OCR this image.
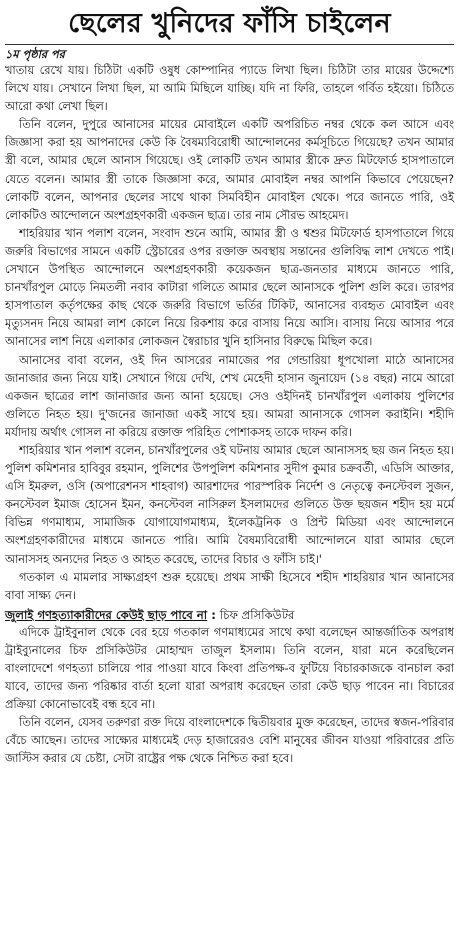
ছেলের খুনিদের ফাঁসি চাইলেন

১ম পৃষ্ঠার পর

খাতায় রেখে যায়। চিঠিটা একটি ওষুধ কোম্পানির প্যাডে লিখা ছিল। চিঠিটা তার মায়ের উদ্দেশ্যে লিখে যায়। সেখানে লিখা ছিল, মা আমি মিছিলে যাচ্ছি। যদি না ফিরি, তাহলে গর্বিত হইয়ো। চিঠিতে আরো কথা লেখা ছিল।

তিনি বলেন, দুপুরে আনাসের মায়ের মোবাইলে একটি অপরিচিত নম্বর থেকে কল আসে এবং জিজ্ঞাসা করা হয় আপনাদের কেউ কি বৈষম্যবিরোধী আন্দোলনের কর্মসূচিতে গিয়েছে? তখন আমার স্ত্রী বলে, আমার ছেলে আনাস গিয়েছে। ওই লোকটি তখন আমার স্ত্রীকে দ্রুত মিটফোর্ড হাসপাতালে যেতে বলেন। আমার স্ত্রী তাকে জিজ্ঞাসা করে, আমার মোবাইল নম্বর আপনি কিভাবে পেয়েছেন? লোকটি বলেন, আপনার ছেলের সাথে থাকা সিমবিহীন মোবাইল থেকে। পরে জানতে পারি, ওই লোকটিও আন্দোলনে অংশগ্রহণকারী একজন ছাত্র। তার নাম সৌরভ আহমেদ।

শাহরিয়ার খান পলাশ বলেন, সংবাদ শুনে আমি, আমার স্ত্রী ও শ্বশুর মিটফোর্ড হাসপাতালে গিয়ে জরুরি বিভাগের সামনে একটি স্ট্রেচারের ওপর রক্তাক্ত অবস্থায় সন্তানের গুলিবিদ্ধ লাশ দেখতে পাই। সেখানে উপস্থিত আন্দোলনে অংশগ্রহণকারী কয়েকজন ছাত্র-জনতার মাধ্যমে জানতে পারি, চানখাঁরপুল মোড়ে নিমতলী নবাব কাটারা গলিতে আমার ছেলে আনাসকে পুলিশ গুলি করে। তারপর হাসপাতাল কর্তৃপক্ষের কাছ থেকে জরুরি বিভাগে ভর্তির টিকিট, আনাসের ব্যবহৃত মোবাইল এবং মৃত্যুসনদ নিয়ে আমরা লাশ কোলে নিয়ে রিকশায় করে বাসায় নিয়ে আসি। বাসায় নিয়ে আসার পরে আনাসের লাশ নিয়ে এলাকার লোকজন স্বৈরাচার খুনি হাসিনার বিরুদ্ধে মিছিল করে।

আনাসের বাবা বলেন, ওই দিন আসরের নামাজের পর গেন্ডারিয়া ধূপখোলা মাঠে আনাসের জানাজার জন্য নিয়ে যাই। সেখানে গিয়ে দেখি, শেখ মেহেদী হাসান জুনায়েদ (১৪ বছর) নামে আরো একজন ছাত্রের লাশ জানাজার জন্য আনা হয়েছে। সেও ওইদিনই চানখাঁরপুল এলাকায় পুলিশের গুলিতে নিহত হয়। দু'জনের জানাজা একই সাথে হয়। আমরা আনাসকে গোসল করাইনি। শহীদি মর্যাদায় অর্থাৎ গোসল না করিয়ে রক্তাক্ত পরিহিত পোশাকসহ তাকে দাফন করি।

শাহরিয়ার খান পলাশ বলেন, চানখাঁরপুলের ওই ঘটনায় আমার ছেলে আনাসসহ ছয় জন নিহত হয়। পুলিশ কমিশনার হাবিবুর রহমান, পুলিশের উপপুলিশ কমিশনার সুদীপ কুমার চক্রবর্তী, এডিসি আক্তার, এসি ইমরুল, ওসি (অপারেশনস শাহবাগ) আরশাদের পারস্পরিক নির্দেশ ও নেতৃত্বে কনস্টেবল সুজন, কনস্টেবল ইমাজ হোসেন ইমন, কনস্টেবল নাসিরুল ইসলামদের গুলিতে উক্ত ছয়জন শহীদ হয় মর্মে বিভিন্ন গণমাধ্যম, সামাজিক যোগাযোগমাধ্যম, ইলেকট্রনিক ও প্রিন্ট মিডিয়া এবং আন্দোলনে অংশগ্রহণকারীদের মাধ্যমে জানতে পারি। আমি বৈষম্যবিরোধী আন্দোলনে যারা আমার ছেলে আনাসসহ অন্যদের নিহত ও আহত করেছে, তাদের বিচার ও ফাঁসি চাই।'

গতকাল এ মামলার সাক্ষ্যগ্রহণ শুরু হয়েছে। প্রথম সাক্ষী হিসেবে শহীদ শাহরিয়ার খান আনাসের বাবা সাক্ষ্য দেন।

জুলাই গণহত্যাকারীদের কেউই ছাড় পাবে না : চিফ প্রসিকিউটর

এদিকে ট্রাইবুনাল থেকে বের হয়ে গতকাল গণমাধ্যমের সাথে কথা বলেছেন আন্তর্জাতিক অপরাধ ট্রাইব্যুনালের চিফ প্রসিকিউটর মোহাম্মদ তাজুল ইসলাম। তিনি বলেন, যারা মনে করেছিলেন বাংলাদেশে গণহত্যা চালিয়ে পার পাওয়া যাবে কিংবা প্রতিপক্ষ-ব ফুটিয়ে বিচারকাজকে বানচাল করা যাবে, তাদের জন্য পরিষ্কার বার্তা হলো যারা অপরাধ করেছেন তারা কেউ ছাড় পাবেন না। বিচারের প্রক্রিয়া কোনোভাবেই বন্ধ হবে না।

তিনি বলেন, যেসব তরুণরা রক্ত দিয়ে বাংলাদেশকে দ্বিতীয়বার মুক্ত করেছেন, তাদের স্বজন-পরিবার বেঁচে আছেন। তাদের সাক্ষ্যের মাধ্যমেই দেড় হাজারেরও বেশি মানুষের জীবন যাওয়া পরিবারের প্রতি জাস্টিস করার যে চেষ্টা, সেটা রাষ্ট্রের পক্ষ থেকে নিশ্চিত করা হবে।
